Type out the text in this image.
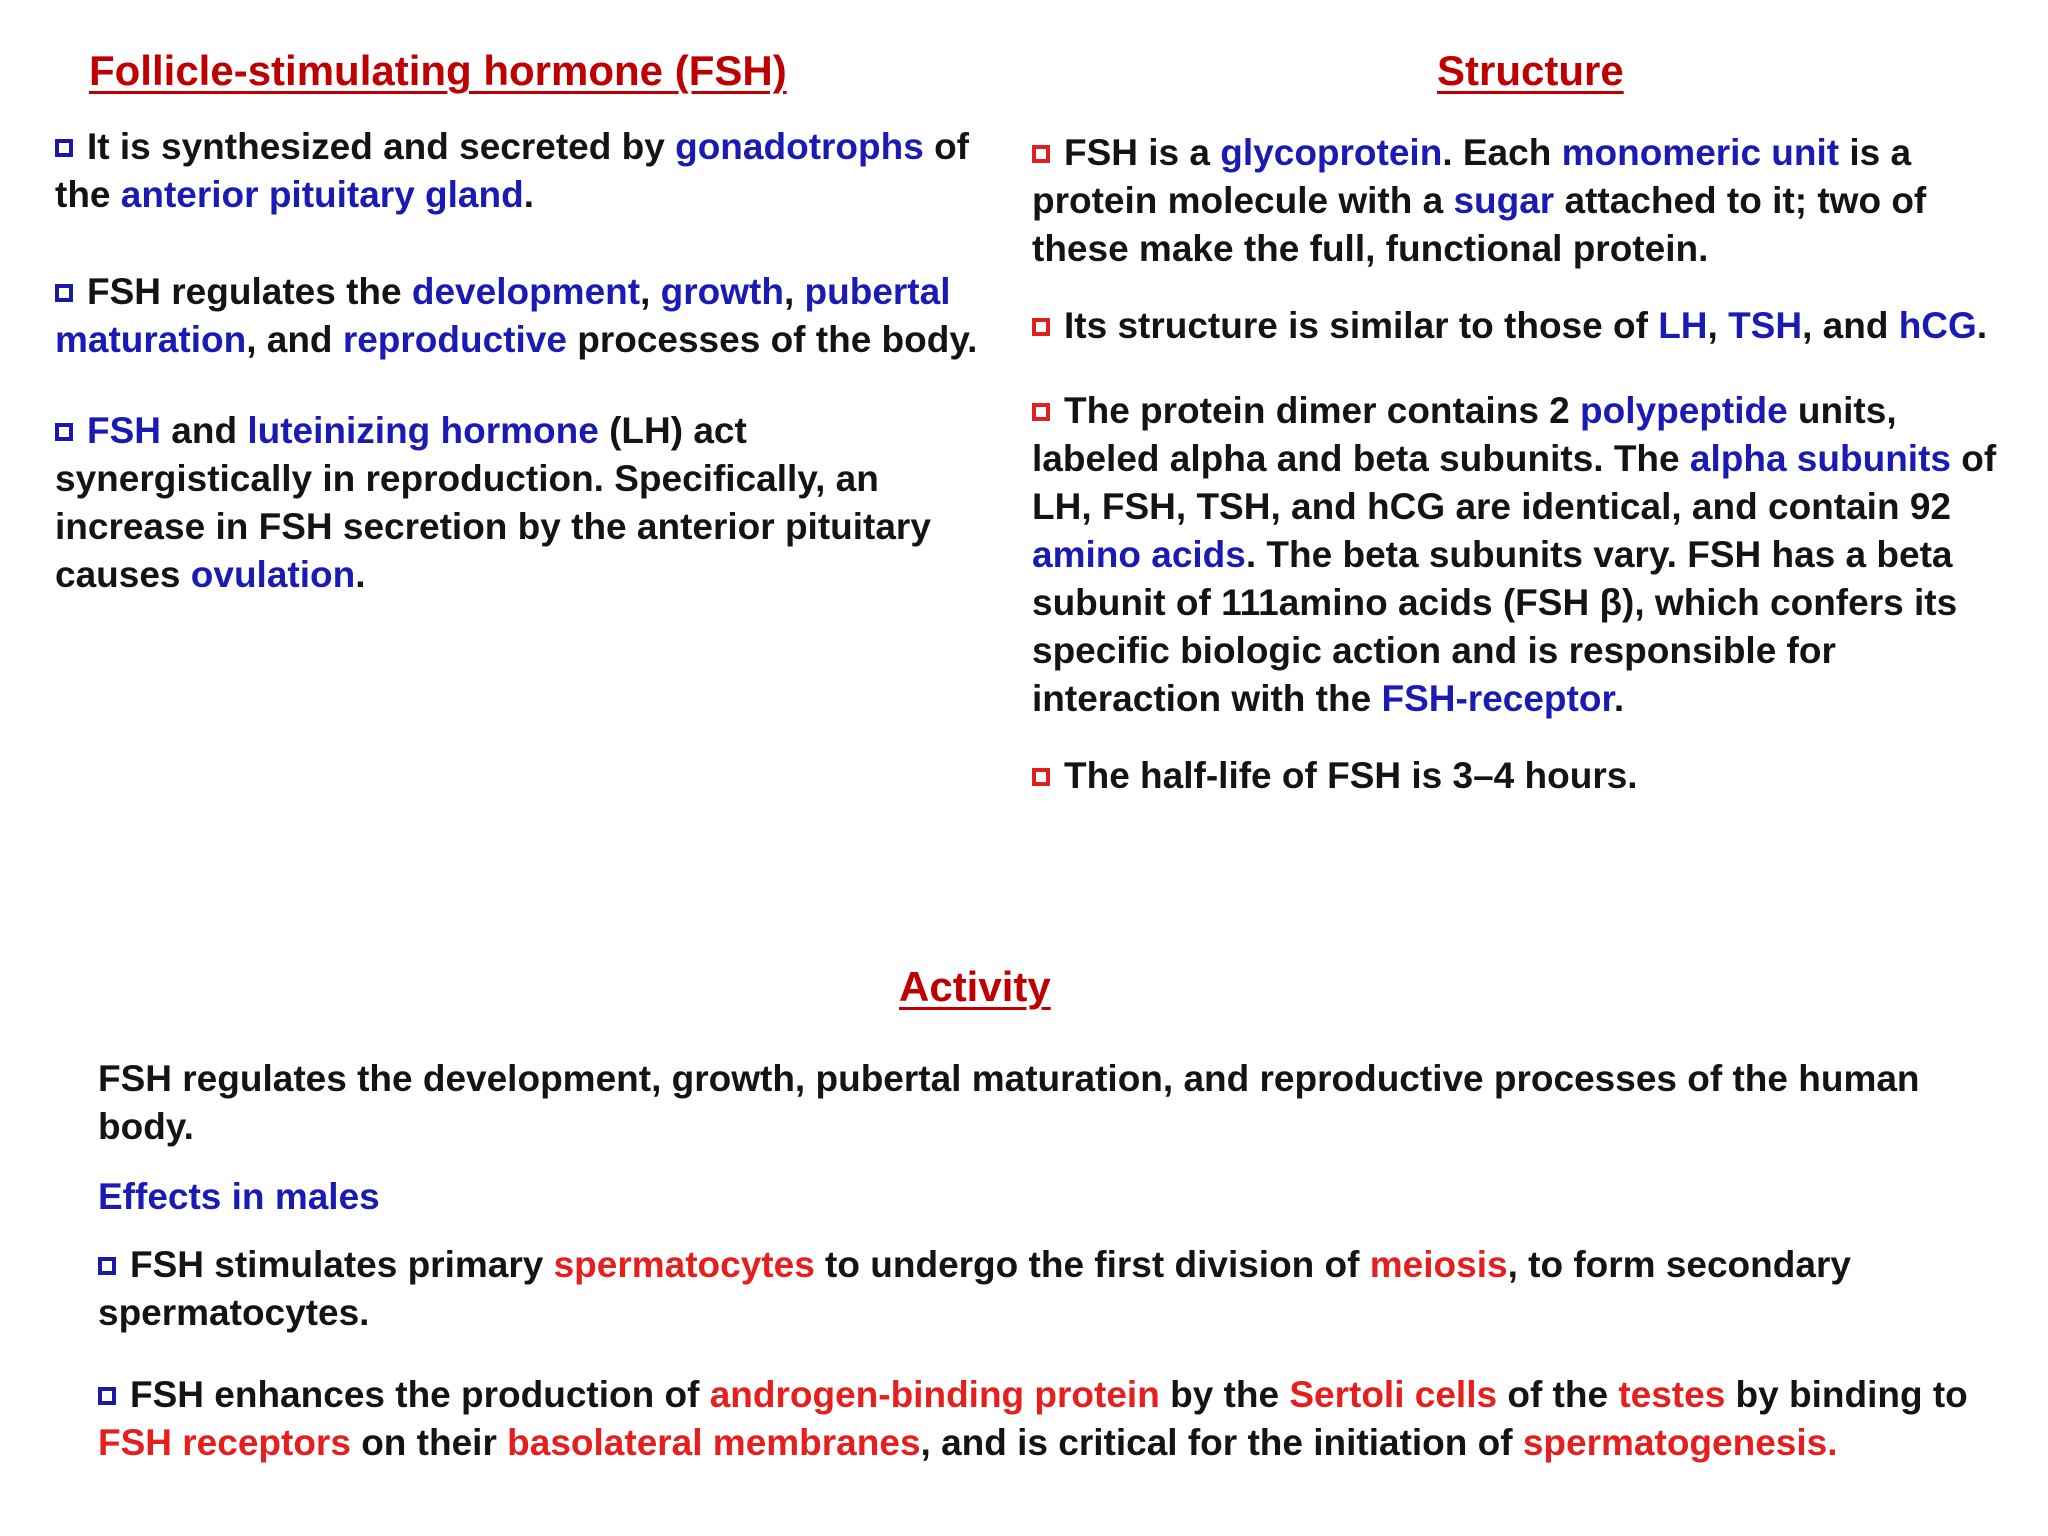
Follicle-stimulating hormone (FSH)	Structure

It is synthesized and secreted by gonadotrophs of the anterior pituitary gland.

FSH regulates the development, growth, pubertal maturation, and reproductive processes of the body.

FSH and luteinizing hormone (LH) act synergistically in reproduction. Specifically, an increase in FSH secretion by the anterior pituitary causes ovulation.

FSH is a glycoprotein. Each monomeric unit is a protein molecule with a sugar attached to it; two of these make the full, functional protein.

Its structure is similar to those of LH, TSH, and hCG.

The protein dimer contains 2 polypeptide units, labeled alpha and beta subunits. The alpha subunits of LH, FSH, TSH, and hCG are identical, and contain 92 amino acids. The beta subunits vary. FSH has a beta subunit of 111amino acids (FSH β), which confers its specific biologic action and is responsible for interaction with the FSH-receptor.

The half-life of FSH is 3–4 hours.

Activity

FSH regulates the development, growth, pubertal maturation, and reproductive processes of the human body.

Effects in males

FSH stimulates primary spermatocytes to undergo the first division of meiosis, to form secondary spermatocytes.

FSH enhances the production of androgen-binding protein by the Sertoli cells of the testes by binding to FSH receptors on their basolateral membranes, and is critical for the initiation of spermatogenesis.
